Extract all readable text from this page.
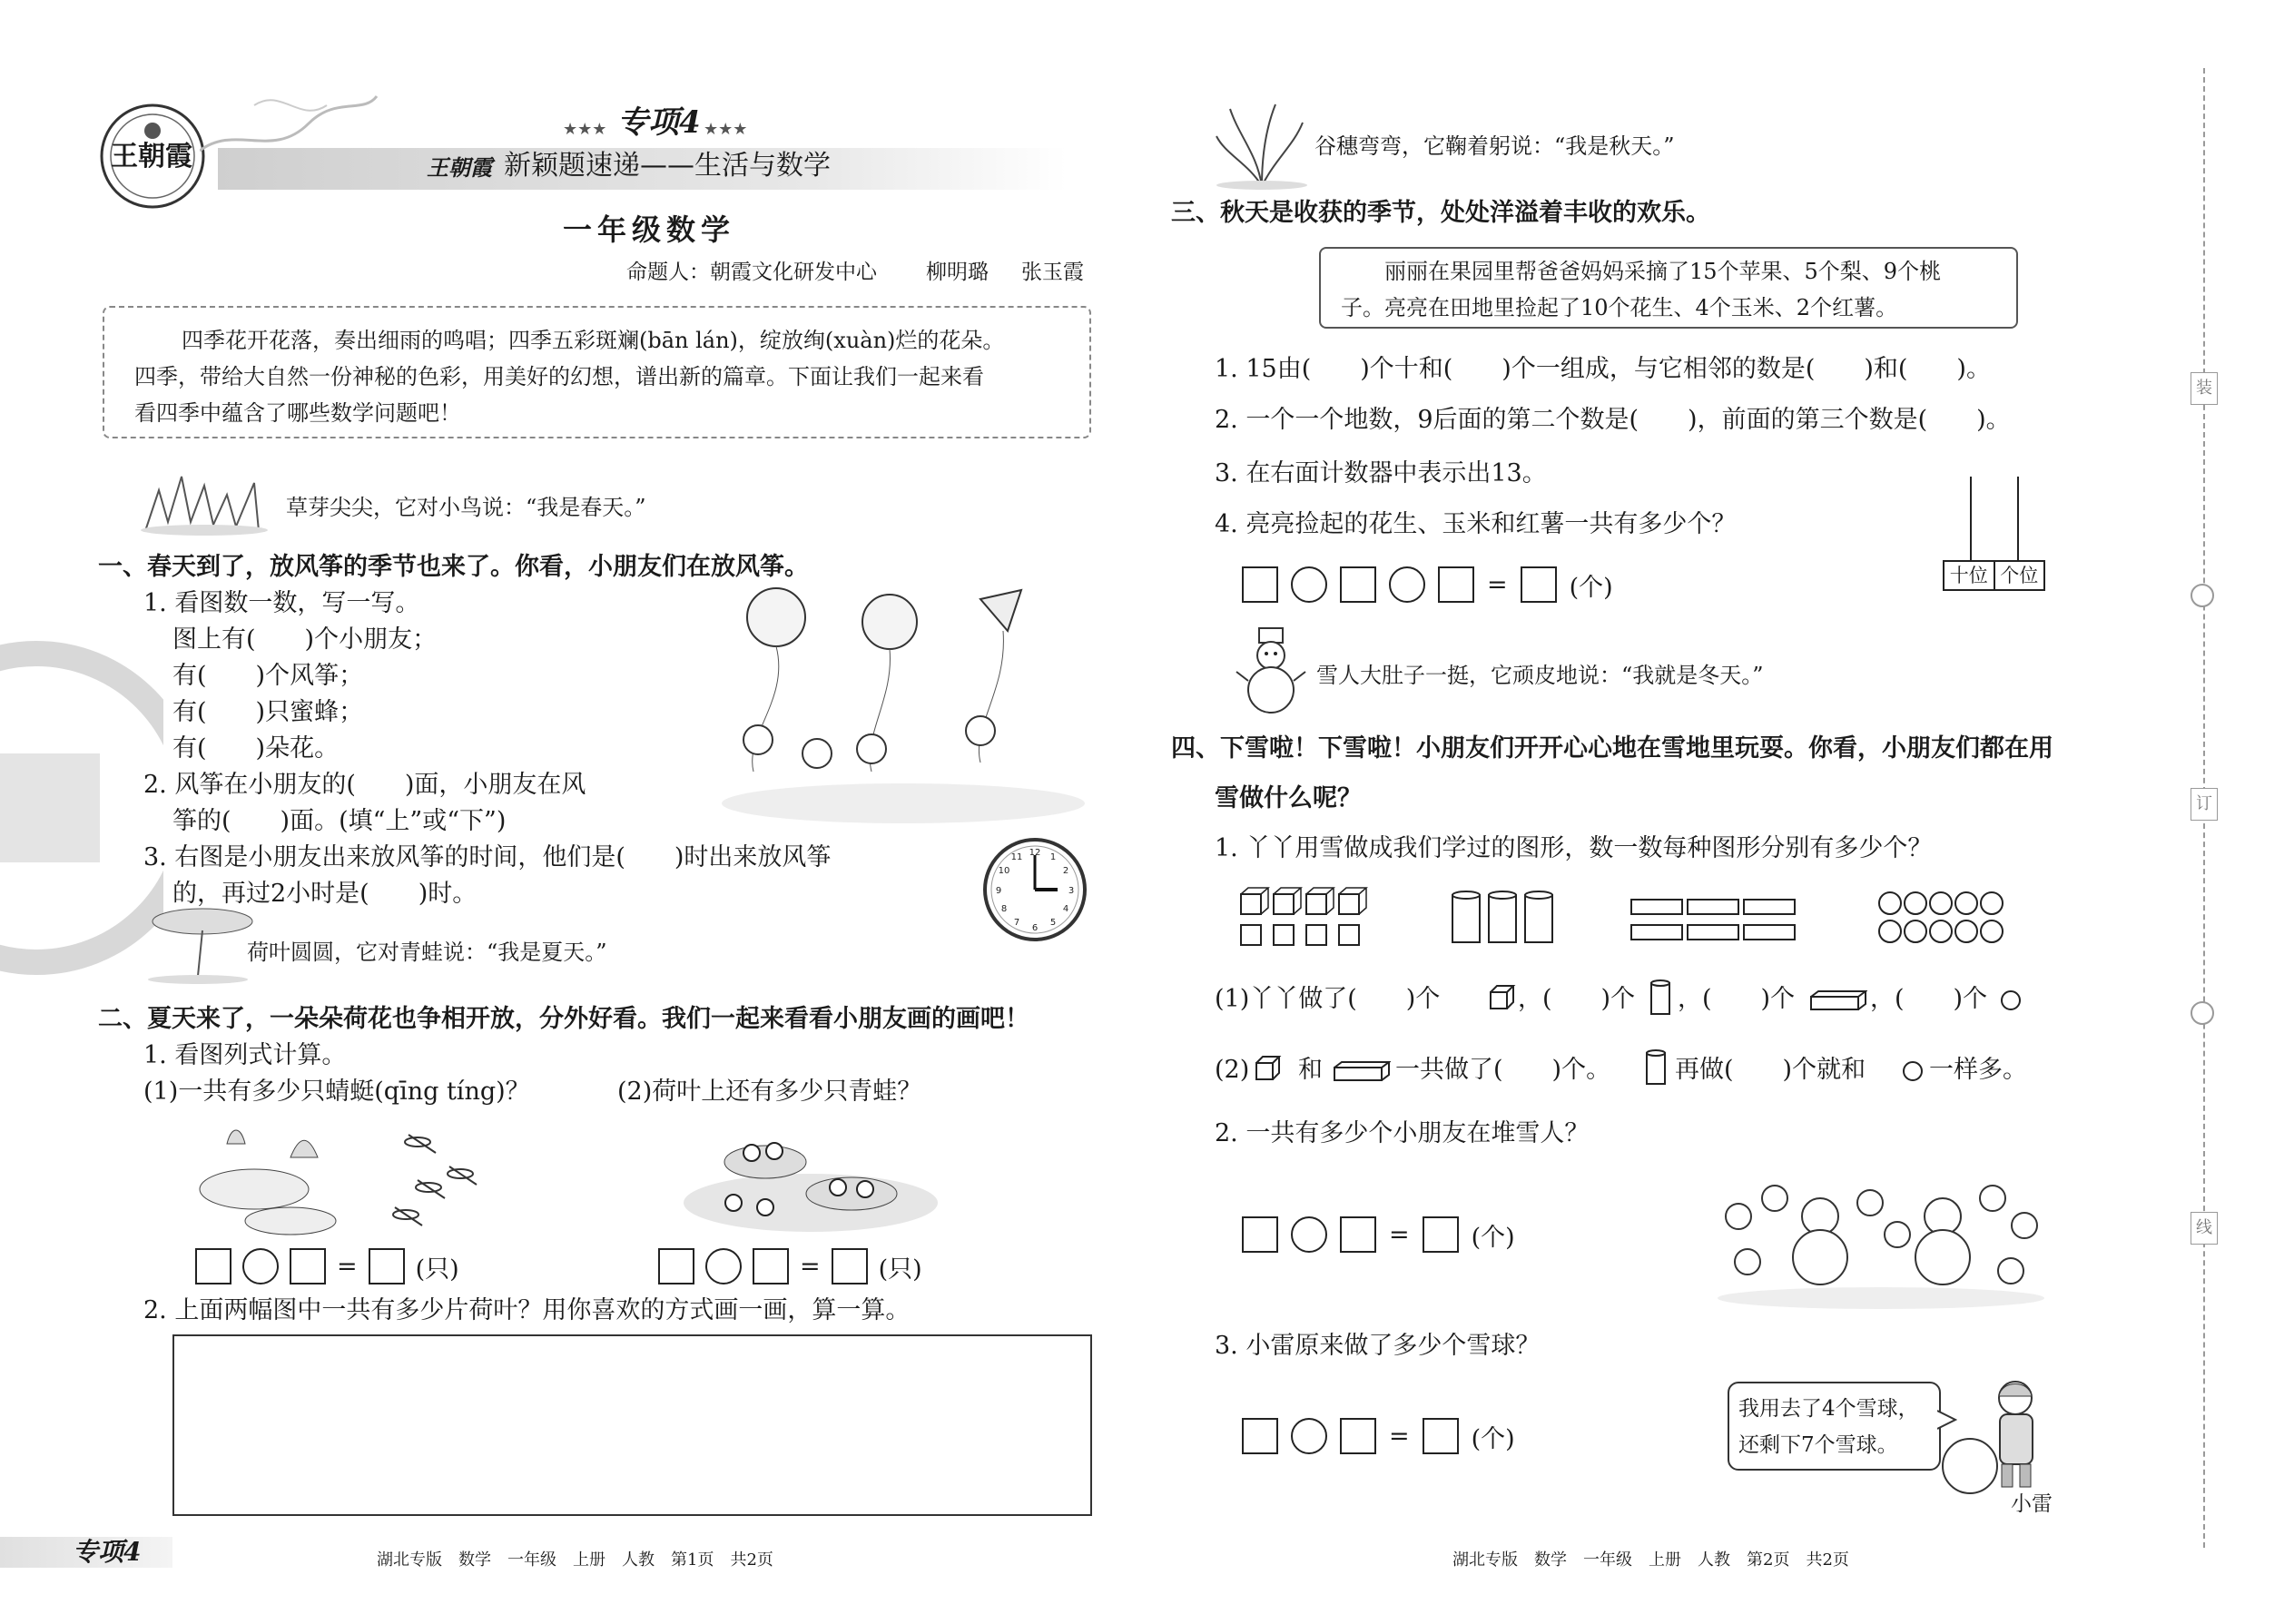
王朝霞
★★★ 专项4 ★★★
王朝霞 新颖题速递——生活与数学
一年级数学
命题人：朝霞文化研发中心 柳明璐 张玉霞
四季花开花落，奏出细雨的鸣唱；四季五彩斑斓(bān lán)，绽放绚(xuàn)烂的花朵。
四季，带给大自然一份神秘的色彩，用美好的幻想，谱出新的篇章。下面让我们一起来看
看四季中蕴含了哪些数学问题吧！
草芽尖尖，它对小鸟说：“我是春天。”
一、春天到了，放风筝的季节也来了。你看，小朋友们在放风筝。
1. 看图数一数，写一写。
图上有(　　)个小朋友；
有(　　)个风筝；
有(　　)只蜜蜂；
有(　　)朵花。
2. 风筝在小朋友的(　　)面，小朋友在风
筝的(　　)面。(填“上”或“下”)
3. 右图是小朋友出来放风筝的时间，他们是(　　)时出来放风筝
的，再过2小时是(　　)时。
12 1
2
3
4
5
6
7
8
9
10
11
荷叶圆圆，它对青蛙说：“我是夏天。”
二、夏天来了，一朵朵荷花也争相开放，分外好看。我们一起来看看小朋友画的画吧！
1. 看图列式计算。
(1)一共有多少只蜻蜓(qīng tíng)？	(2)荷叶上还有多少只青蛙？
= (只)	= (只)
2. 上面两幅图中一共有多少片荷叶？用你喜欢的方式画一画，算一算。
专项4	湖北专版　数学　一年级　上册　人教　第1页　共2页
谷穗弯弯，它鞠着躬说：“我是秋天。”
三、秋天是收获的季节，处处洋溢着丰收的欢乐。
丽丽在果园里帮爸爸妈妈采摘了15个苹果、5个梨、9个桃
子。亮亮在田地里捡起了10个花生、4个玉米、2个红薯。
1. 15由(　　)个十和(　　)个一组成，与它相邻的数是(　　)和(　　)。
2. 一个一个地数，9后面的第二个数是(　　)，前面的第三个数是(　　)。
3. 在右面计数器中表示出13。
4. 亮亮捡起的花生、玉米和红薯一共有多少个？
十位 个位
=	(个)
雪人大肚子一挺，它顽皮地说：“我就是冬天。”
四、下雪啦！下雪啦！小朋友们开开心心地在雪地里玩耍。你看，小朋友们都在用
雪做什么呢？
1. 丫丫用雪做成我们学过的图形，数一数每种图形分别有多少个？
(1)丫丫做了(　　)个	，(　　)个 ，(　　)个	，(　　)个
(2) 和	一共做了(　　)个。	再做(　　)个就和	一样多。
2. 一共有多少个小朋友在堆雪人？
=	(个)
3. 小雷原来做了多少个雪球？
=	(个)
我用去了4个雪球，
还剩下7个雪球。
小雷
湖北专版　数学　一年级　上册　人教　第2页　共2页
装
订
线
